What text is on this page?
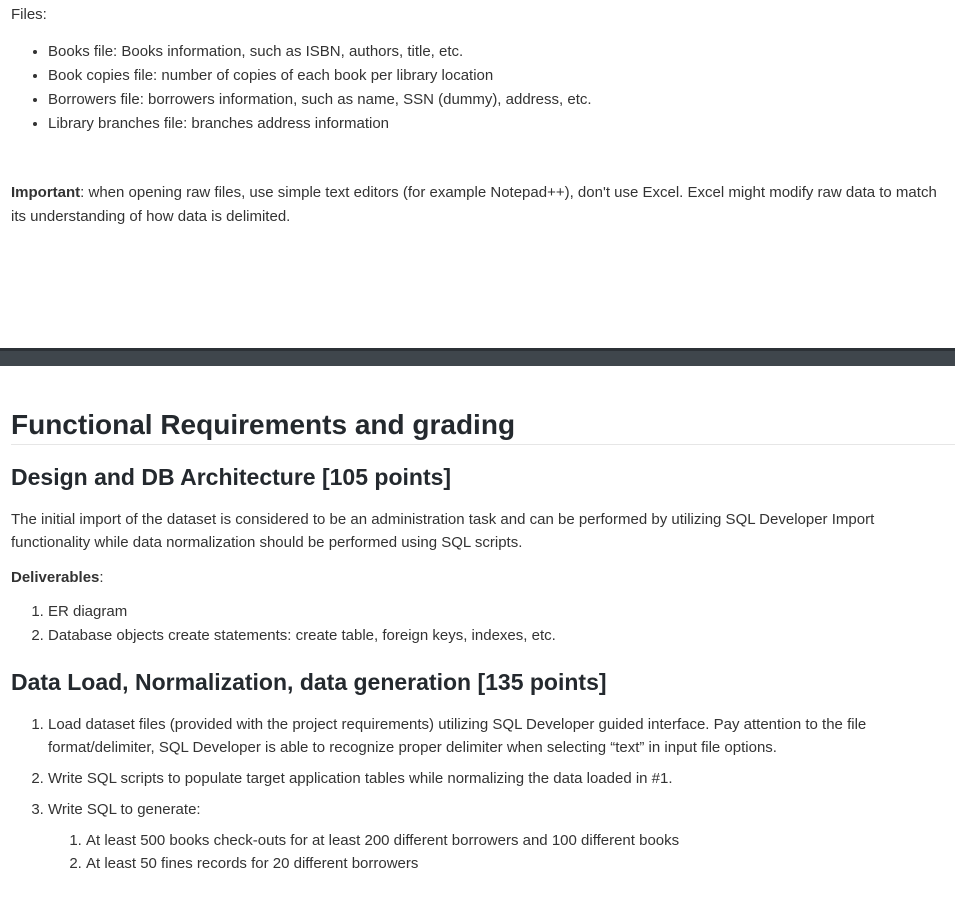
Files:

• Books file: Books information, such as ISBN, authors, title, etc.
• Book copies file: number of copies of each book per library location
• Borrowers file: borrowers information, such as name, SSN (dummy), address, etc.
• Library branches file: branches address information

Important: when opening raw files, use simple text editors (for example Notepad++), don't use Excel. Excel might modify raw data to match its understanding of how data is delimited.

Functional Requirements and grading
Design and DB Architecture [105 points]

The initial import of the dataset is considered to be an administration task and can be performed by utilizing SQL Developer Import functionality while data normalization should be performed using SQL scripts.

Deliverables:

1. ER diagram
2. Database objects create statements: create table, foreign keys, indexes, etc.
Data Load, Normalization, data generation [135 points]
1. Load dataset files (provided with the project requirements) utilizing SQL Developer guided interface. Pay attention to the file format/delimiter, SQL Developer is able to recognize proper delimiter when selecting “text” in input file options.
2. Write SQL scripts to populate target application tables while normalizing the data loaded in #1.
3. Write SQL to generate:
1. At least 500 books check-outs for at least 200 different borrowers and 100 different books
2. At least 50 fines records for 20 different borrowers
